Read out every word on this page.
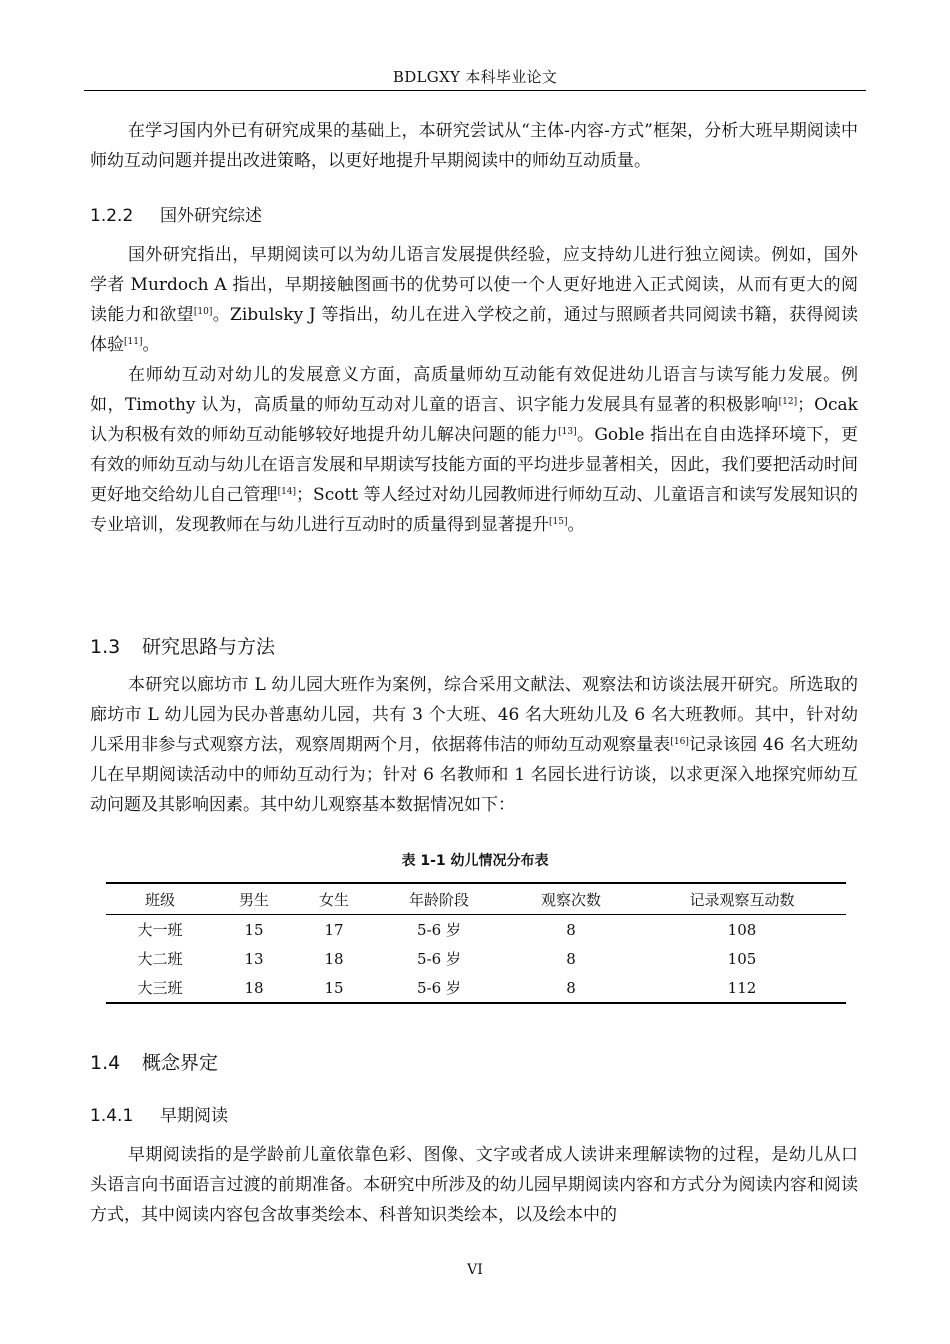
BDLGXY 本科毕业论文

在学习国内外已有研究成果的基础上，本研究尝试从“主体-内容-方式”框架，分析大班早期阅读中师幼互动问题并提出改进策略，以更好地提升早期阅读中的师幼互动质量。

1.2.2 国外研究综述

国外研究指出，早期阅读可以为幼儿语言发展提供经验，应支持幼儿进行独立阅读。例如，国外学者 Murdoch A 指出，早期接触图画书的优势可以使一个人更好地进入正式阅读，从而有更大的阅读能力和欲望[10]。Zibulsky J 等指出，幼儿在进入学校之前，通过与照顾者共同阅读书籍，获得阅读体验[11]。

在师幼互动对幼儿的发展意义方面，高质量师幼互动能有效促进幼儿语言与读写能力发展。例如，Timothy 认为，高质量的师幼互动对儿童的语言、识字能力发展具有显著的积极影响[12]；Ocak 认为积极有效的师幼互动能够较好地提升幼儿解决问题的能力[13]。Goble 指出在自由选择环境下，更有效的师幼互动与幼儿在语言发展和早期读写技能方面的平均进步显著相关，因此，我们要把活动时间更好地交给幼儿自己管理[14]；Scott 等人经过对幼儿园教师进行师幼互动、儿童语言和读写发展知识的专业培训，发现教师在与幼儿进行互动时的质量得到显著提升[15]。

1.3 研究思路与方法

本研究以廊坊市 L 幼儿园大班作为案例，综合采用文献法、观察法和访谈法展开研究。所选取的廊坊市 L 幼儿园为民办普惠幼儿园，共有 3 个大班、46 名大班幼儿及 6 名大班教师。其中，针对幼儿采用非参与式观察方法，观察周期两个月，依据蒋伟洁的师幼互动观察量表[16]记录该园 46 名大班幼儿在早期阅读活动中的师幼互动行为；针对 6 名教师和 1 名园长进行访谈，以求更深入地探究师幼互动问题及其影响因素。其中幼儿观察基本数据情况如下：

表 1-1 幼儿情况分布表
班级	男生	女生	年龄阶段	观察次数	记录观察互动数
大一班	15	17	5-6 岁	8	108
大二班	13	18	5-6 岁	8	105
大三班	18	15	5-6 岁	8	112
1.4 概念界定
1.4.1 早期阅读

早期阅读指的是学龄前儿童依靠色彩、图像、文字或者成人读讲来理解读物的过程，是幼儿从口头语言向书面语言过渡的前期准备。本研究中所涉及的幼儿园早期阅读内容和方式分为阅读内容和阅读方式，其中阅读内容包含故事类绘本、科普知识类绘本，以及绘本中的

VI
